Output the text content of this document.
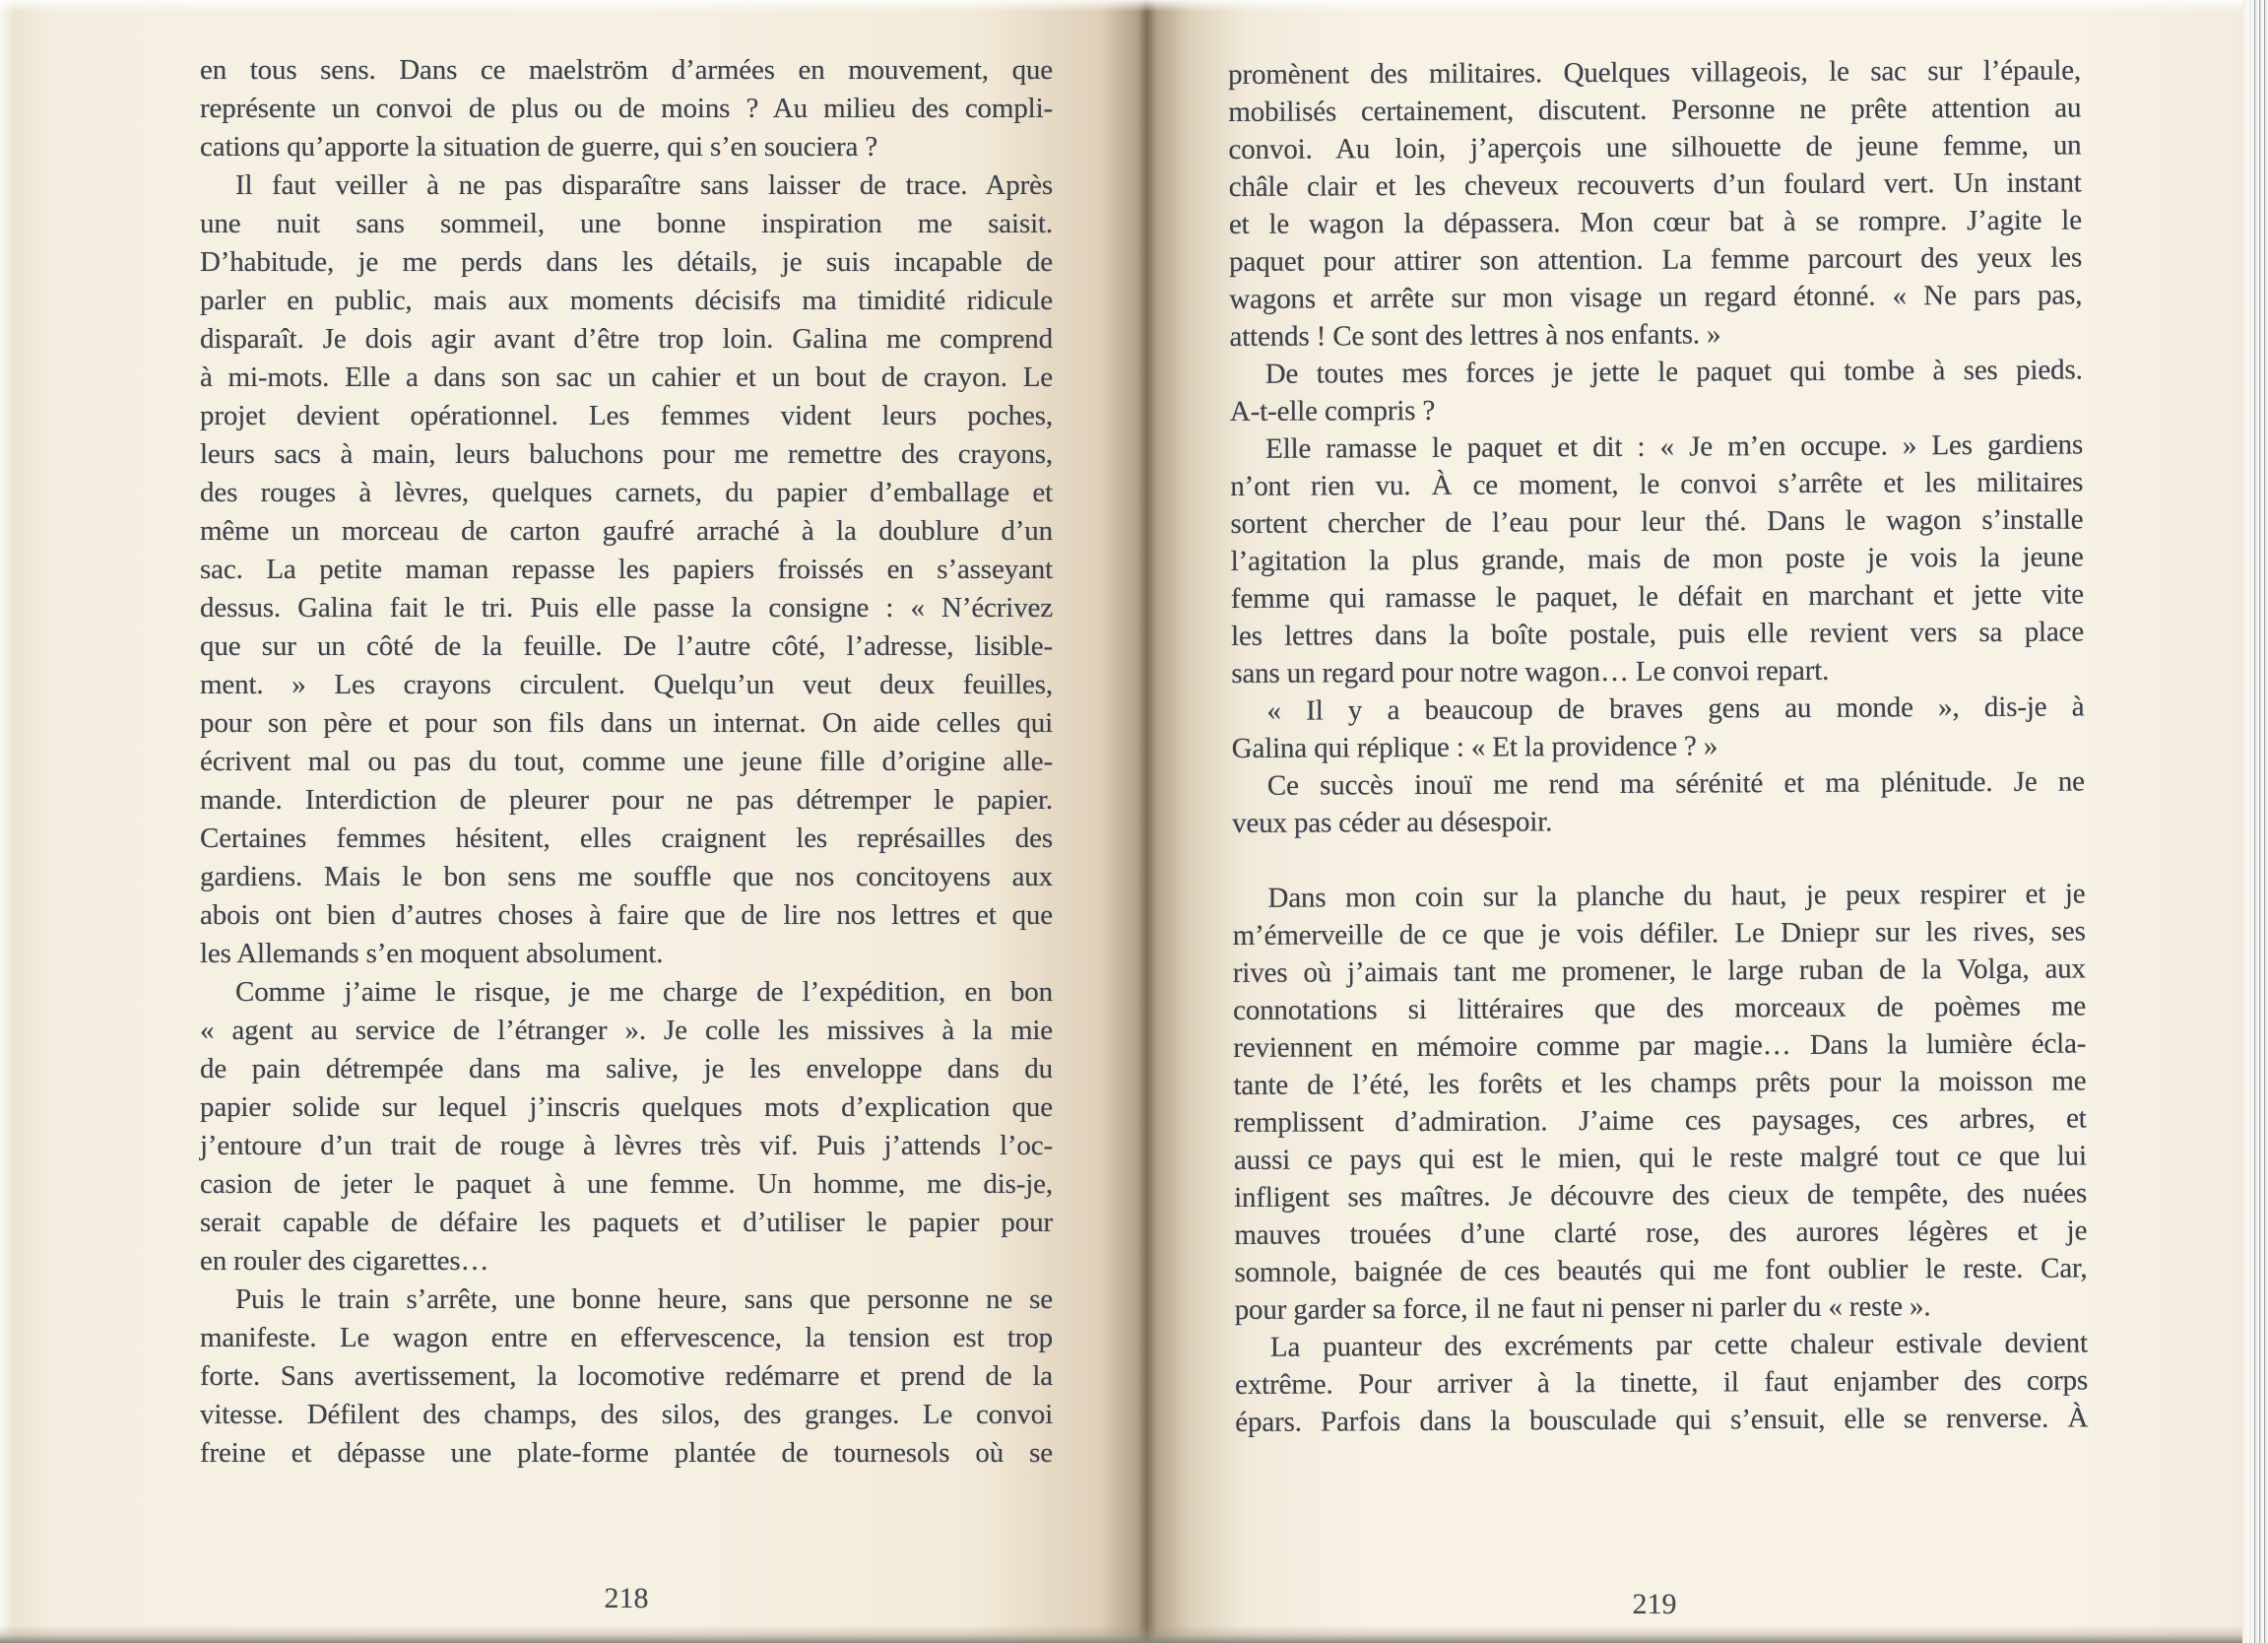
en tous sens. Dans ce maelström d’armées en mouvement, que
représente un convoi de plus ou de moins ? Au milieu des compli-
cations qu’apporte la situation de guerre, qui s’en souciera ?
Il faut veiller à ne pas disparaître sans laisser de trace. Après
une nuit sans sommeil, une bonne inspiration me saisit.
D’habitude, je me perds dans les détails, je suis incapable de
parler en public, mais aux moments décisifs ma timidité ridicule
disparaît. Je dois agir avant d’être trop loin. Galina me comprend
à mi-mots. Elle a dans son sac un cahier et un bout de crayon. Le
projet devient opérationnel. Les femmes vident leurs poches,
leurs sacs à main, leurs baluchons pour me remettre des crayons,
des rouges à lèvres, quelques carnets, du papier d’emballage et
même un morceau de carton gaufré arraché à la doublure d’un
sac. La petite maman repasse les papiers froissés en s’asseyant
dessus. Galina fait le tri. Puis elle passe la consigne : « N’écrivez
que sur un côté de la feuille. De l’autre côté, l’adresse, lisible-
ment. » Les crayons circulent. Quelqu’un veut deux feuilles,
pour son père et pour son fils dans un internat. On aide celles qui
écrivent mal ou pas du tout, comme une jeune fille d’origine alle-
mande. Interdiction de pleurer pour ne pas détremper le papier.
Certaines femmes hésitent, elles craignent les représailles des
gardiens. Mais le bon sens me souffle que nos concitoyens aux
abois ont bien d’autres choses à faire que de lire nos lettres et que
les Allemands s’en moquent absolument.
Comme j’aime le risque, je me charge de l’expédition, en bon
« agent au service de l’étranger ». Je colle les missives à la mie
de pain détrempée dans ma salive, je les enveloppe dans du
papier solide sur lequel j’inscris quelques mots d’explication que
j’entoure d’un trait de rouge à lèvres très vif. Puis j’attends l’oc-
casion de jeter le paquet à une femme. Un homme, me dis-je,
serait capable de défaire les paquets et d’utiliser le papier pour
en rouler des cigarettes…
Puis le train s’arrête, une bonne heure, sans que personne ne se
manifeste. Le wagon entre en effervescence, la tension est trop
forte. Sans avertissement, la locomotive redémarre et prend de la
vitesse. Défilent des champs, des silos, des granges. Le convoi
freine et dépasse une plate-forme plantée de tournesols où se
218
promènent des militaires. Quelques villageois, le sac sur l’épaule,
mobilisés certainement, discutent. Personne ne prête attention au
convoi. Au loin, j’aperçois une silhouette de jeune femme, un
châle clair et les cheveux recouverts d’un foulard vert. Un instant
et le wagon la dépassera. Mon cœur bat à se rompre. J’agite le
paquet pour attirer son attention. La femme parcourt des yeux les
wagons et arrête sur mon visage un regard étonné. « Ne pars pas,
attends ! Ce sont des lettres à nos enfants. »
De toutes mes forces je jette le paquet qui tombe à ses pieds.
A-t-elle compris ?
Elle ramasse le paquet et dit : « Je m’en occupe. » Les gardiens
n’ont rien vu. À ce moment, le convoi s’arrête et les militaires
sortent chercher de l’eau pour leur thé. Dans le wagon s’installe
l’agitation la plus grande, mais de mon poste je vois la jeune
femme qui ramasse le paquet, le défait en marchant et jette vite
les lettres dans la boîte postale, puis elle revient vers sa place
sans un regard pour notre wagon… Le convoi repart.
« Il y a beaucoup de braves gens au monde », dis-je à
Galina qui réplique : « Et la providence ? »
Ce succès inouï me rend ma sérénité et ma plénitude. Je ne
veux pas céder au désespoir.
Dans mon coin sur la planche du haut, je peux respirer et je
m’émerveille de ce que je vois défiler. Le Dniepr sur les rives, ses
rives où j’aimais tant me promener, le large ruban de la Volga, aux
connotations si littéraires que des morceaux de poèmes me
reviennent en mémoire comme par magie… Dans la lumière écla-
tante de l’été, les forêts et les champs prêts pour la moisson me
remplissent d’admiration. J’aime ces paysages, ces arbres, et
aussi ce pays qui est le mien, qui le reste malgré tout ce que lui
infligent ses maîtres. Je découvre des cieux de tempête, des nuées
mauves trouées d’une clarté rose, des aurores légères et je
somnole, baignée de ces beautés qui me font oublier le reste. Car,
pour garder sa force, il ne faut ni penser ni parler du « reste ».
La puanteur des excréments par cette chaleur estivale devient
extrême. Pour arriver à la tinette, il faut enjamber des corps
épars. Parfois dans la bousculade qui s’ensuit, elle se renverse. À
219
